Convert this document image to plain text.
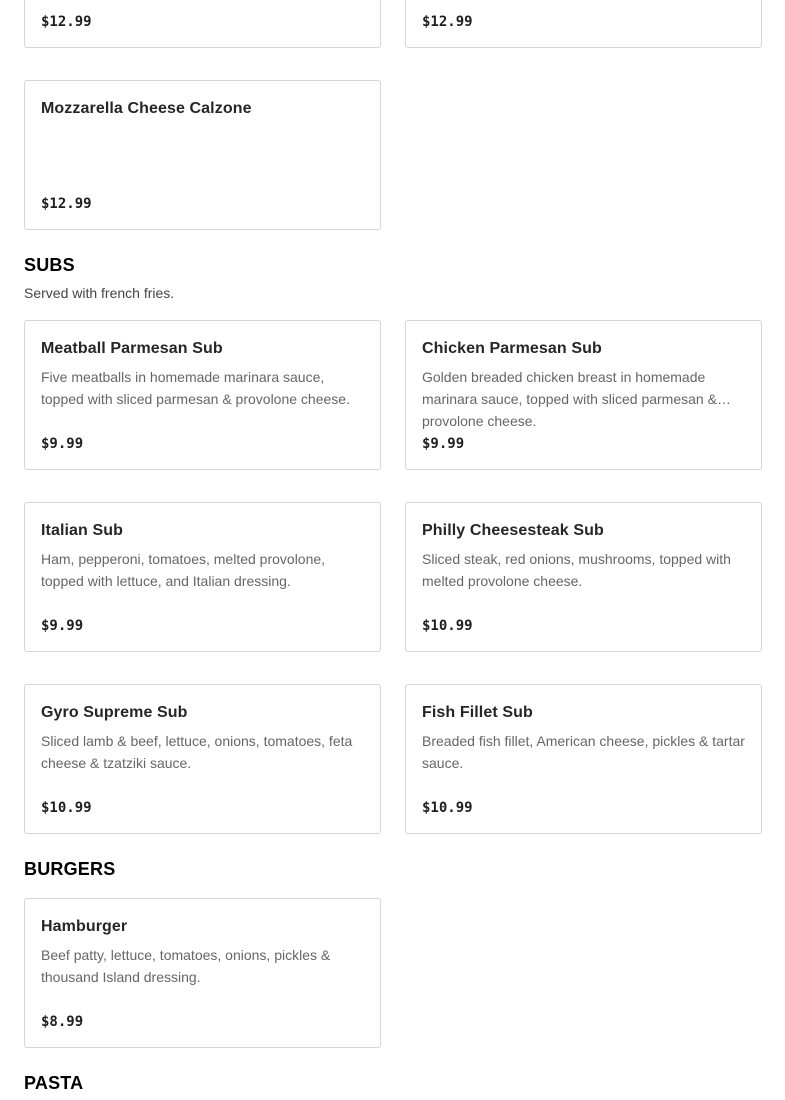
$12.99	$12.99
Mozzarella Cheese Calzone
$12.99
SUBS
Served with french fries.
Meatball Parmesan Sub
Five meatballs in homemade marinara sauce, topped with sliced parmesan & provolone cheese.
$9.99
Chicken Parmesan Sub
Golden breaded chicken breast in homemade marinara sauce, topped with sliced parmesan & provolone cheese.
$9.99
Italian Sub
Ham, pepperoni, tomatoes, melted provolone, topped with lettuce, and Italian dressing.
$9.99
Philly Cheesesteak Sub
Sliced steak, red onions, mushrooms, topped with melted provolone cheese.
$10.99
Gyro Supreme Sub
Sliced lamb & beef, lettuce, onions, tomatoes, feta cheese & tzatziki sauce.
$10.99
Fish Fillet Sub
Breaded fish fillet, American cheese, pickles & tartar sauce.
$10.99
BURGERS
Hamburger
Beef patty, lettuce, tomatoes, onions, pickles & thousand Island dressing.
$8.99
PASTA
